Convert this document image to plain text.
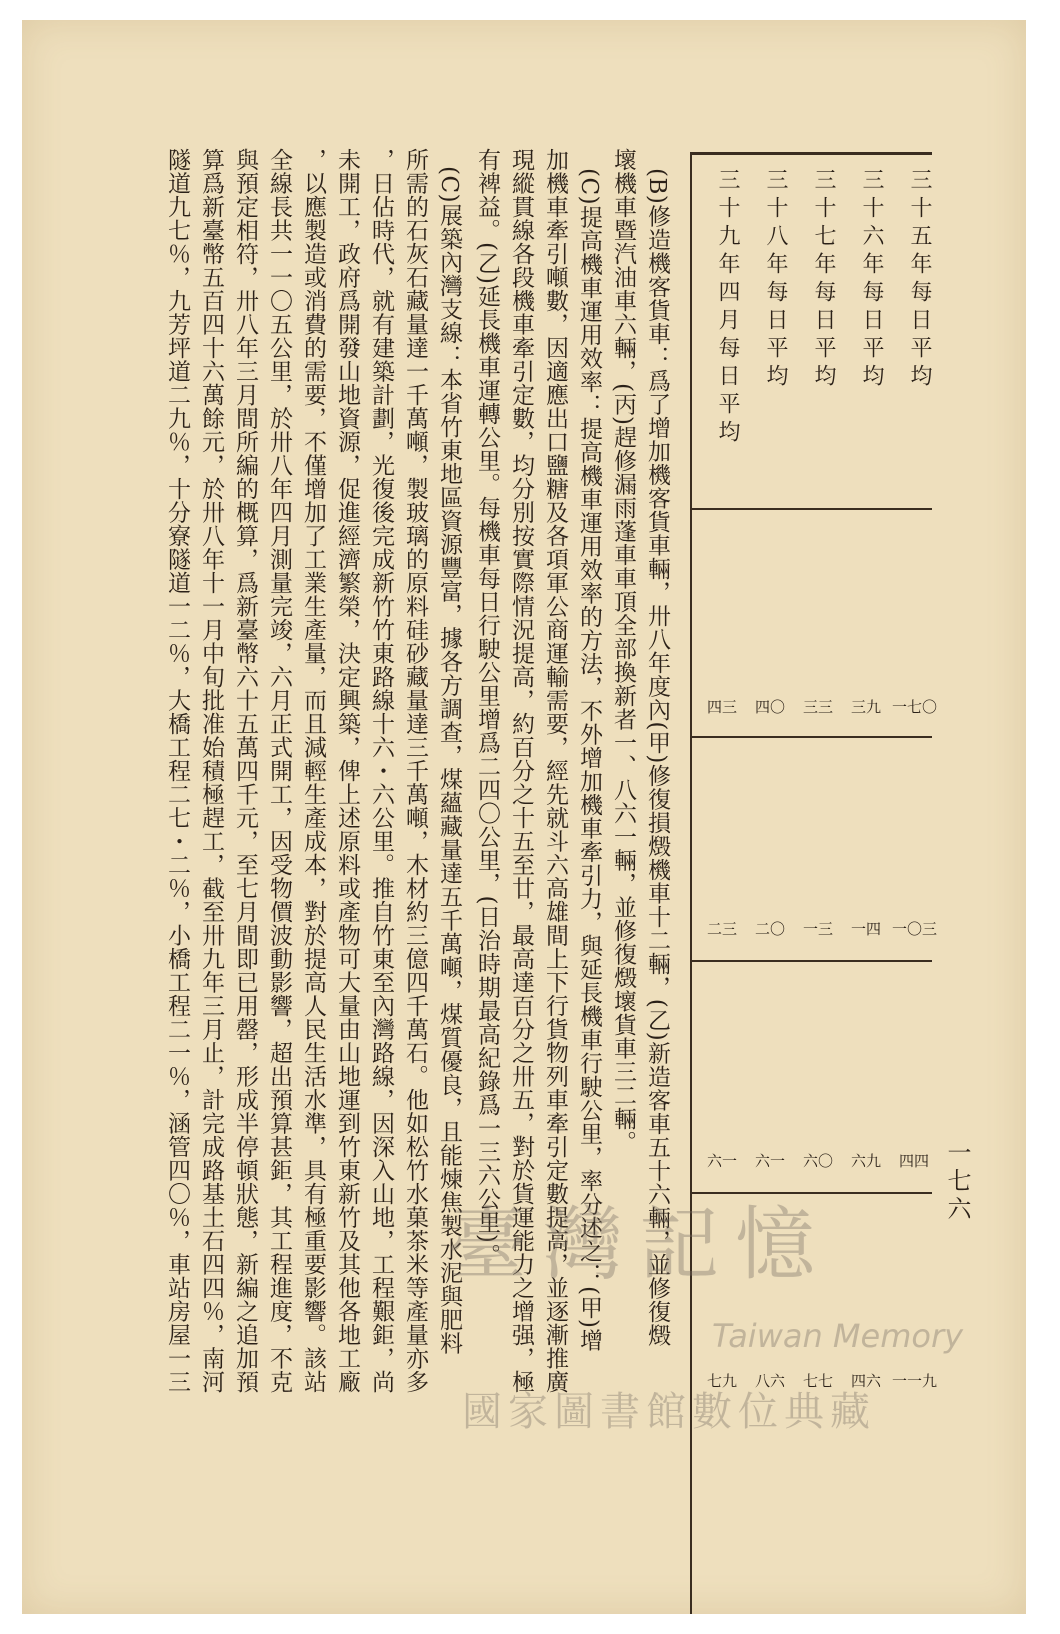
三十五年每日平均
三十六年每日平均
三十七年每日平均
三十八年每日平均
三十九年四月每日平均
一七〇
三九
三三
四〇
四三
一〇三
一四
一三
二〇
二三
四四
六九
六〇
六一
六一
一一九
四六
七七
八六
七九
一七六
(B)修造機客貨車：爲了增加機客貨車輛，卅八年度內(甲)修復損燬機車十二輛，(乙)新造客車五十六輛，並修復燬
壞機車暨汽油車六輛，(丙)趕修漏雨蓬車車頂全部換新者一、八六一輛，並修復燬壞貨車三二輛。
(C)提高機車運用效率：提高機車運用效率的方法，不外增加機車牽引力，與延長機車行駛公里，率分述之：(甲)增
加機車牽引噸數，因適應出口鹽糖及各項軍公商運輸需要，經先就斗六高雄間上下行貨物列車牽引定數提高，並逐漸推廣
現縱貫線各段機車牽引定數，均分別按實際情況提高，約百分之十五至廿，最高達百分之卅五，對於貨運能力之增强，極
有裨益。(乙)延長機車運轉公里。每機車每日行駛公里增爲二四〇公里，(日治時期最高紀錄爲一三六公里)。
(C)展築內灣支線：本省竹東地區資源豐富，據各方調查，煤蘊藏量達五千萬噸，煤質優良，且能煉焦製水泥與肥料
所需的石灰石藏量達一千萬噸，製玻璃的原料硅砂藏量達三千萬噸，木材約三億四千萬石。他如松竹水菓茶米等產量亦多
，日佔時代，就有建築計劃，光復後完成新竹竹東路線十六・六公里。推自竹東至內灣路線，因深入山地，工程艱鉅，尚
未開工，政府爲開發山地資源，促進經濟繁榮，決定興築，俾上述原料或產物可大量由山地運到竹東新竹及其他各地工廠
，以應製造或消費的需要，不僅增加了工業生產量，而且減輕生產成本，對於提高人民生活水準，具有極重要影響。該站
全線長共一一〇五公里，於卅八年四月測量完竣，六月正式開工，因受物價波動影響，超出預算甚鉅，其工程進度，不克
與預定相符，卅八年三月間所編的概算，爲新臺幣六十五萬四千元，至七月間即已用罄，形成半停頓狀態，新編之追加預
算爲新臺幣五百四十六萬餘元，於卅八年十一月中旬批准始積極趕工，截至卅九年三月止，計完成路基土石四四％，南河
隧道九七％，九芳坪道二九％，十分寮隧道一二％，大橋工程二七・二％，小橋工程二一％，涵管四〇％，車站房屋一三	臺灣記憶
Taiwan Memory
國家圖書館數位典藏
